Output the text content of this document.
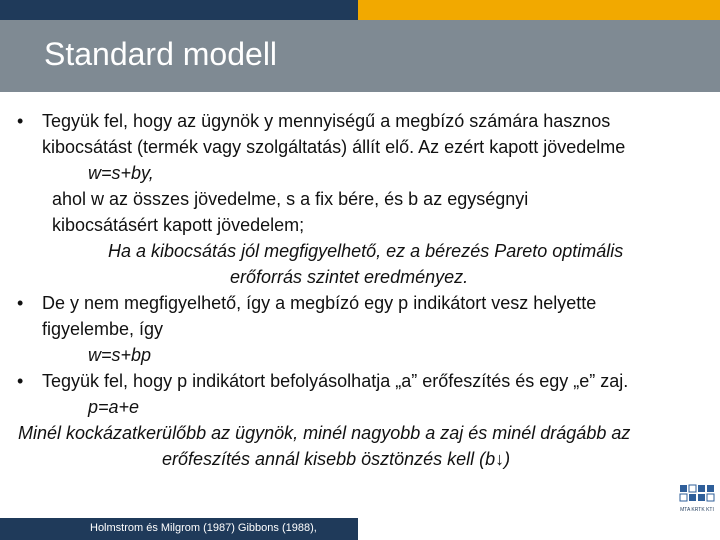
Standard modell
• Tegyük fel, hogy az ügynök y mennyiségű a megbízó számára hasznos
kibocsátást (termék vagy szolgáltatás) állít elő. Az ezért kapott jövedelme
w=s+by,
ahol w az összes jövedelme, s a fix bére, és b az egységnyi
kibocsátásért kapott jövedelem;
Ha a kibocsátás jól megfigyelhető, ez a bérezés Pareto optimális
erőforrás szintet eredményez.
• De y nem megfigyelhető, így a megbízó egy p indikátort vesz helyette
figyelembe, így
w=s+bp
• Tegyük fel, hogy p indikátort befolyásolhatja „a” erőfeszítés és egy „e” zaj.
p=a+e
Minél kockázatkerülőbb az ügynök, minél nagyobb a zaj és minél drágább az
erőfeszítés annál kisebb ösztönzés kell (b↓)
Holmstrom és Milgrom (1987) Gibbons (1988),
MTA KRTK KTI
